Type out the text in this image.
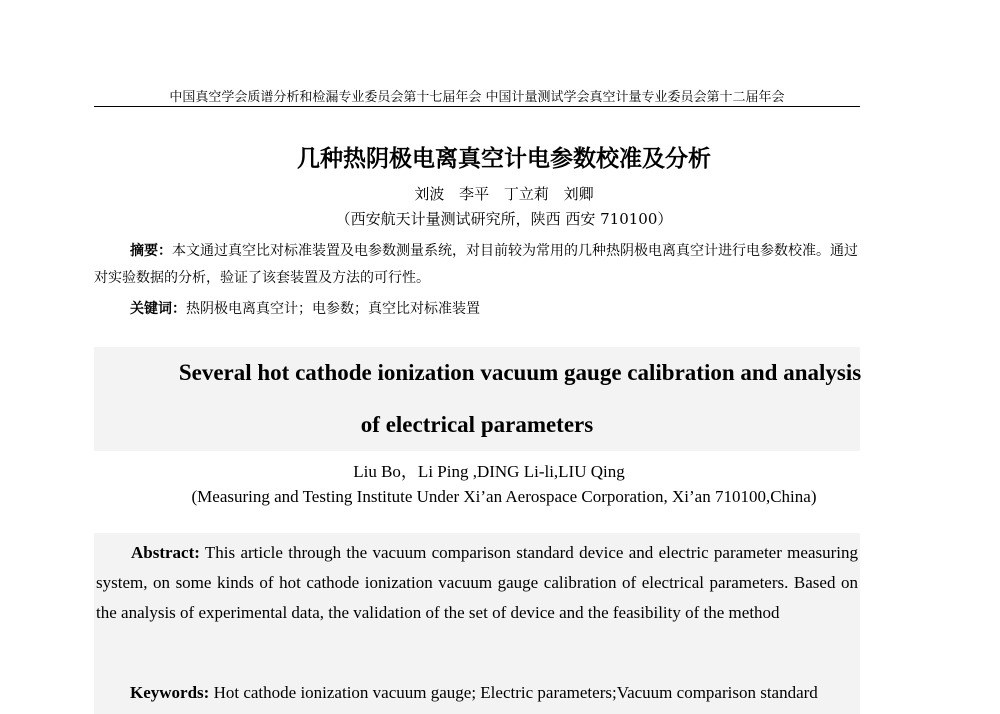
中国真空学会质谱分析和检漏专业委员会第十七届年会 中国计量测试学会真空计量专业委员会第十二届年会
几种热阴极电离真空计电参数校准及分析
刘波 李平 丁立莉 刘卿
（西安航天计量测试研究所，陕西 西安 710100）
摘要：本文通过真空比对标准装置及电参数测量系统，对目前较为常用的几种热阴极电离真空计进行电参数校准。通过对实验数据的分析，验证了该套装置及方法的可行性。
关键词：热阴极电离真空计；电参数；真空比对标准装置
Several hot cathode ionization vacuum gauge calibration and analysis
of electrical parameters
Liu Bo，Li Ping ,DING Li-li,LIU Qing
(Measuring and Testing Institute Under Xi’an Aerospace Corporation, Xi’an 710100,China)
Abstract: This article through the vacuum comparison standard device and electric parameter measuring system, on some kinds of hot cathode ionization vacuum gauge calibration of electrical parameters. Based on the analysis of experimental data, the validation of the set of device and the feasibility of the method
Keywords: Hot cathode ionization vacuum gauge; Electric parameters;Vacuum comparison standard
